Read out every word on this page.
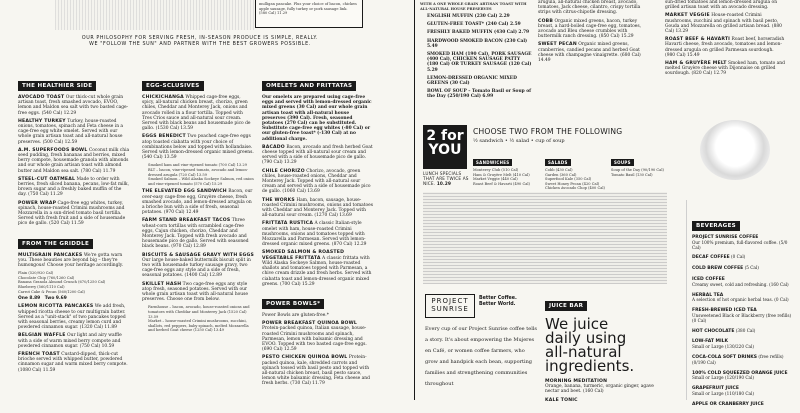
mulligan pancake. Plus your choice of bacon, chicken apple sausage, fully turkey or pork sausage link.
(580 Cal) 11.29
WITH A ONE WHOLE GRAIN ARTISAN TOAST WITH ALL-NATURAL HOUSE PRESERVES
OUR PHILOSOPHY FOR SERVING FRESH, IN-SEASON PRODUCE IS SIMPLE, REALLY.
WE "FOLLOW THE SUN" AND PARTNER WITH THE BEST GROWERS POSSIBLE.
THE HEALTHIER SIDE
AVOCADO TOAST Our thick-cut whole grain artisan toast, fresh smashed avocado, EVOO, lemon and Maldon sea salt with two basted cage-free eggs. (540 Cal) 12.29
HEALTHY TURKEY Turkey, house-roasted onions, tomatoes, spinach and Feta cheese in a cage-free egg white omelet. Served with our whole grain artisan toast and all-natural house preserves. (500 Cal) 12.59
A.M. SUPERFOODS BOWL Coconut milk chia seed pudding, fresh bananas and berries, mixed berry compote, housemade granola with almonds and our whole grain artisan toast with almond butter and Maldon sea salt. (780 Cal) 11.79
STEEL-CUT OATMEAL Made to order with berries, fresh sliced banana, pecans, low-fat milk, brown sugar and a freshly baked muffin of the day. (750 Cal) 11.29
POWER WRAP Cage-free egg whites, turkey, spinach, house-roasted Crimini mushrooms and Mozzarella in a sun-dried tomato basil tortilla. Served with fresh fruit and a side of housemade pico de gallo. (520 Cal) 11.59
FROM THE GRIDDLE
MULTIGRAIN PANCAKES We're gotta warn you. These beauties are beyond big – they're humongous! Choose your heritage accordingly.
Plain (520/920 Cal)
Chocolate Chip (760/1260 Cal)
Banana Granola Almond Crunch (670/1250 Cal)
Blueberry (560/1110 Cal)
Carrot Cake & Pecan (560/1200 Cal)
One 8.89 Two 9.69
LEMON RICOTTA PANCAKES We add fresh, whipped ricotta cheese to our multigrain batter. Served as a "unit-stack" of two pancakes topped with seasonal berries, creamy lemon curd and powdered cinnamon sugar. (1320 Cal) 11.89
BELGIAN WAFFLE Our light and airy waffle with a side of warm mixed berry compote and powdered cinnamon sugar. (750 Cal) 10.59
FRENCH TOAST Custard-dipped, thick-cut brioche served with whipped butter, powdered cinnamon sugar and warm mixed berry compote. (1080 Cal) 11.59
EGG-SCLUSIVES
CHICKICHANGA Whipped cage-free eggs, spicy, all-natural chicken breast, chorizo, green chiles, Cheddar and Monterey Jack, onions and avocado rolled in a flour tortilla. Topped with Tres Crios sauce and all-natural sour cream. Served with black beans and housemade pico de gallo. (1530 Cal) 13.59
EGGS BENEDICT Two poached cage-free eggs atop toasted ciabatta with your choice of combinations below and topped with hollandaise. Served with lemon-dressed organic mixed greens. (540 Cal) 13.59
Smoked ham and vine-ripened tomato (700 Cal) 13.29
BLT – bacon, vine-ripened tomato, avocado and lemon-dressed arugula (720 Cal) 13.59
Smoked Salmon – Wild Alaska Sockeye Salmon, red onion and vine-ripened tomato (570 Cal) 15.29
THE ELEVATED EGG SANDWICH Bacon, our over-easy cage-free egg, Gruyère cheese, fresh smashed avocado, and lemon-dressed arugula on a brioche bun with a side of fresh, seasonal potatoes. (970 Cal) 12.49
FARM STAND BREAKFAST TACOS Three wheat-corn tortillas with scrambled cage-free eggs, Cajun chicken, chorizo, Cheddar and Monterey Jack. Topped with fresh avocado and housemade pico de gallo. Served with seasoned black beans. (970 Cal) 12.89
BISCUITS & SAUSAGE GRAVY WITH EGGS Our large house-baked buttermilk biscuit split in two with housemade turkey sausage gravy, two cage-free eggs any style and a side of fresh, seasonal potatoes. (1400 Cal) 12.89
SKILLET HASH Two cage-free eggs any style atop fresh, seasoned potatoes. Served with our whole grain artisan toast with all-natural house preserves. Choose one from below.
Farmhouse – bacon, avocado, house-roasted onions and tomatoes with Cheddar and Monterey Jack (1520 Cal) 13.59
Market – house-roasted Crimini mushrooms, zucchini, shallots, red peppers, baby spinach, melted Mozzarella and herbed Goat cheese (1250 Cal) 13.49
OMELETS AND FRITTATAS
Our omelets are prepared using cage-free eggs and served with lemon-dressed organic mixed greens (30 Cal) and our whole grain artisan toast with all-natural house preserves (390 Cal). Fresh, seasoned potatoes (270 Cal) can be substituted. Substitute cage-free egg whites (-80 Cal) or our gluten-free toast* (-130 Cal) at no additional charge.
BACADO Bacon, avocado and fresh herbed Goat cheese topped with all-natural sour cream and served with a side of housemade pico de gallo. (790 Cal) 13.29
CHILE CHORIZO Chorizo, avocado, green chiles, house-roasted onions, Cheddar and Monterey Jack. Topped with all-natural sour cream and served with a side of housemade pico de gallo. (1060 Cal) 13.69
THE WORKS Ham, bacon, sausage, house-roasted Crimini mushrooms, onions and tomatoes with Cheddar and Monterey Jack. Topped with all-natural sour cream. (1270 Cal) 13.69
FRITTATA RUSTICA A classic Italian-style omelet with ham, house-roasted Crimini mushrooms, onions and tomatoes topped with Mozzarella and Parmesan. Served with lemon-dressed organic mixed greens. (870 Cal) 12.29
SMOKED SALMON & ROASTED VEGETABLE FRITTATA A classic frittata with Wild Alaska Sockeye Salmon, house-roasted shallots and tomatoes topped with Parmesan, a chive cream drizzle and fresh herbs. Served with ciabatta toast and lemon-dressed organic mixed greens. (700 Cal) 15.29
POWER BOWLS*
Power Bowls are gluten-free.*
POWER BREAKFAST QUINOA BOWL Protein-packed quinoa, Italian sausage, house-roasted Crimini mushrooms and spinach, Parmesan, lemon with balsamic dressing and EVOO. Topped with two basted cage-free eggs. (690 Cal) 12.59
PESTO CHICKEN QUINOA BOWL Protein-packed quinoa, kale, shredded carrots and spinach tossed with basil pesto and topped with all-natural chicken breast, basil pesto sauce, lemon white balsamic dressing, Feta cheese and fresh herbs. (730 Cal) 11.79
ENGLISH MUFFIN (230 Cal) 2.29
GLUTEN-FREE TOAST* (240 Cal) 2.59
FRESHLY BAKED MUFFIN (430 Cal) 2.79
HARDWOOD SMOKED BACON (230 Cal) 5.49
SMOKED HAM (190 Cal), PORK SAUSAGE (400 Cal), CHICKEN SAUSAGE PATTY (180 Cal) OR TURKEY SAUSAGE (120 Cal) 5.29
LEMON-DRESSED ORGANIC MIXED GREENS (30 Cal)
BOWL OF SOUP – Tomato Basil or Soup of the Day (250/190 Cal) 6.99
arugula, all-natural chicken breast, avocado, tomatoes, Jack cheese, cilantro, crispy tortilla strips with citrus-chipotle dressing.
COBB Organic mixed greens, bacon, turkey breast, a hard-boiled cage-free egg, tomatoes, avocado and Bleu cheese crumbles with buttermilk ranch dressing. (850 Cal) 15.29
SWEET PECAN Organic mixed greens, cranberries, candied pecans and herbed Goat cheese with champagne vinaigrette. (680 Cal) 14.49
sun-dried tomatoes and lemon-dressed arugula on grilled artisan toast with an avocado dressing.
MARKET VEGGIE House-roasted Crimini mushrooms, zucchini and spinach with basil pesto, Gouda and Mozzarella on grilled artisan bread. (880 Cal) 13.29
ROAST BEEF & HAVARTI Roast beef, horseradish Havarti cheese, fresh avocado, tomatoes and lemon-dressed arugula on grilled Parmesan sourdough. (980 Cal) 15.49
HAM & GRUYÈRE MELT Smoked ham, tomato and melted Gruyère cheese with Dijonnaise on grilled sourdough. (820 Cal) 12.79
2 for YOU
CHOOSE TWO FROM THE FOLLOWING
½ sandwich • ½ salad • cup of soup
LUNCH SPECIALS THAT ARE TWICE AS NICE. 10.29
SANDWICHES
Monterey Club (510 Cal)
Ham & Gruyère Melt (410 Cal)
Market Veggie (440 Cal)
Roast Beef & Havarti (490 Cal)
SALADS
Cobb (430 Cal)
Garden (360 Cal)
Superfood Kale (350 Cal)
Sweet Honey Pecan (420 Cal)
Chicken Avocado Chop (400 Cal)
SOUPS
Soup of the Day (90/190 Cal)
Tomato Basil (130 Cal)
PROJECT
SUNRISE
Better Coffee.
Better World.
Every cup of our Project Sunrise coffee tells a story. It's about empowering the Mujeres en Café, or women coffee farmers, who grow and handpick each bean, supporting families and strengthening communities throughout
JUICE BAR
We juice
daily using
all-natural
ingredients.
MORNING MEDITATION
Orange, banana, turmeric, organic ginger, agave nectar and beet. (160 Cal)
KALE TONIC
BEVERAGES
PROJECT SUNRISE COFFEE
Our 100% premium, full-flavored coffee. (5/0 Cal)
DECAF COFFEE (0 Cal)
COLD BREW COFFEE (5 Cal)
ICED COFFEE
Creamy sweet, cold and refreshing. (160 Cal)
HERBAL TEA
A selection of hot organic herbal teas. (0 Cal)
FRESH-BREWED ICED TEA
Unsweetened Black or Blackberry (free refills) (0 Cal)
HOT CHOCOLATE (380 Cal)
LOW-FAT MILK
Small or Large (130/220 Cal)
COCA-COLA SOFT DRINKS (free refills) (0/190 Cal)
100% COLD SQUEEZED ORANGE JUICE
Small or Large (120/190 Cal)
GRAPEFRUIT JUICE
Small or Large (110/180 Cal)
APPLE OR CRANBERRY JUICE
